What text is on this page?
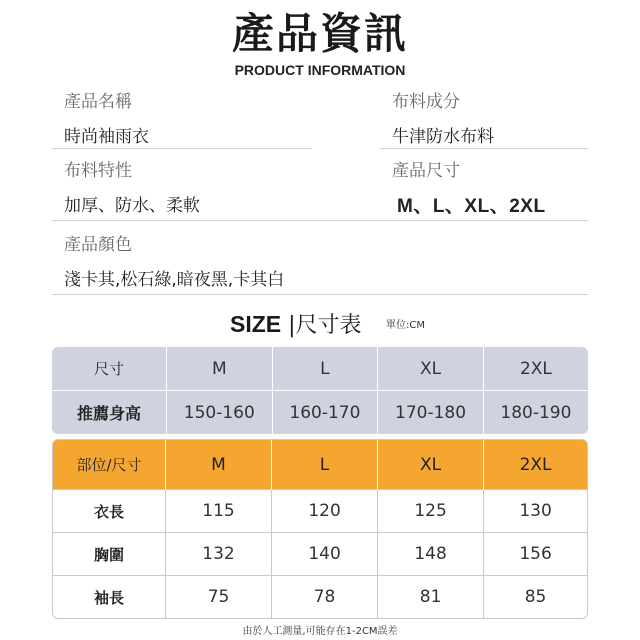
產品資訊
PRODUCT INFORMATION
產品名稱	布料成分
時尚袖雨衣	牛津防水布料
布料特性	產品尺寸
加厚、防水、柔軟	M、L、XL、2XL
產品顏色
淺卡其,松石綠,暗夜黑,卡其白
SIZE |尺寸表 單位:CM
尺寸	M	L	XL	2XL
推薦身高	150-160	160-170	170-180	180-190
部位/尺寸	M	L	XL	2XL
衣長	115	120	125	130
胸圍	132	140	148	156
袖長	75	78	81	85
由於人工測量,可能存在1-2CM誤差
